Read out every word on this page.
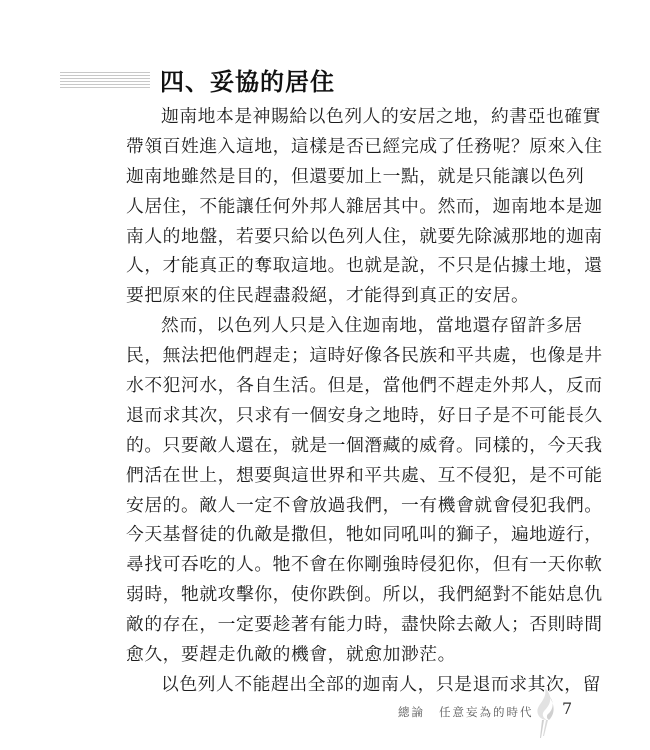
四、妥協的居住
迦南地本是神賜給以色列人的安居之地，約書亞也確實
帶領百姓進入這地，這樣是否已經完成了任務呢？原來入住
迦南地雖然是目的，但還要加上一點，就是只能讓以色列
人居住，不能讓任何外邦人雜居其中。然而，迦南地本是迦
南人的地盤，若要只給以色列人住，就要先除滅那地的迦南
人，才能真正的奪取這地。也就是說，不只是佔據土地，還
要把原來的住民趕盡殺絕，才能得到真正的安居。
然而，以色列人只是入住迦南地，當地還存留許多居
民，無法把他們趕走；這時好像各民族和平共處，也像是井
水不犯河水，各自生活。但是，當他們不趕走外邦人，反而
退而求其次，只求有一個安身之地時，好日子是不可能長久
的。只要敵人還在，就是一個潛藏的威脅。同樣的，今天我
們活在世上，想要與這世界和平共處、互不侵犯，是不可能
安居的。敵人一定不會放過我們，一有機會就會侵犯我們。
今天基督徒的仇敵是撒但，牠如同吼叫的獅子，遍地遊行，
尋找可吞吃的人。牠不會在你剛強時侵犯你，但有一天你軟
弱時，牠就攻擊你，使你跌倒。所以，我們絕對不能姑息仇
敵的存在，一定要趁著有能力時，盡快除去敵人；否則時間
愈久，要趕走仇敵的機會，就愈加渺茫。
以色列人不能趕出全部的迦南人，只是退而求其次，留
總論 任意妄為的時代 7
